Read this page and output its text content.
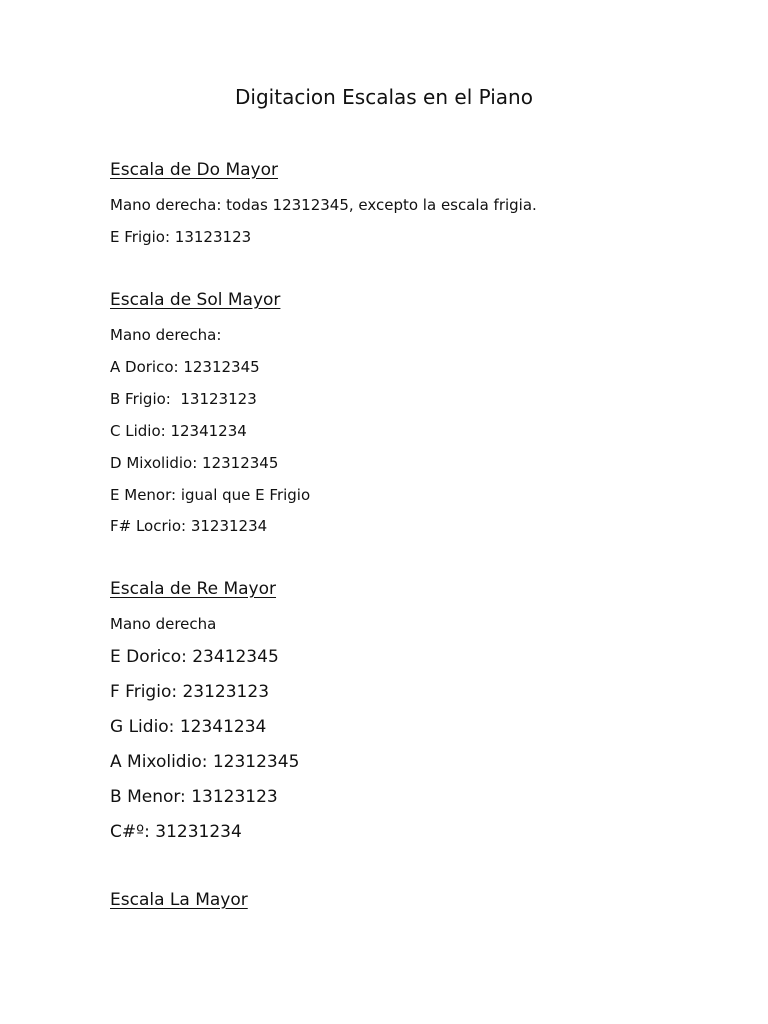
Digitacion Escalas en el Piano
Escala de Do Mayor
Mano derecha: todas 12312345, excepto la escala frigia.
E Frigio: 13123123
Escala de Sol Mayor
Mano derecha:
A Dorico: 12312345
B Frigio:  13123123
C Lidio: 12341234
D Mixolidio: 12312345
E Menor: igual que E Frigio
F# Locrio: 31231234
Escala de Re Mayor
Mano derecha
E Dorico: 23412345
F Frigio: 23123123
G Lidio: 12341234
A Mixolidio: 12312345
B Menor: 13123123
C#º: 31231234
Escala La Mayor
